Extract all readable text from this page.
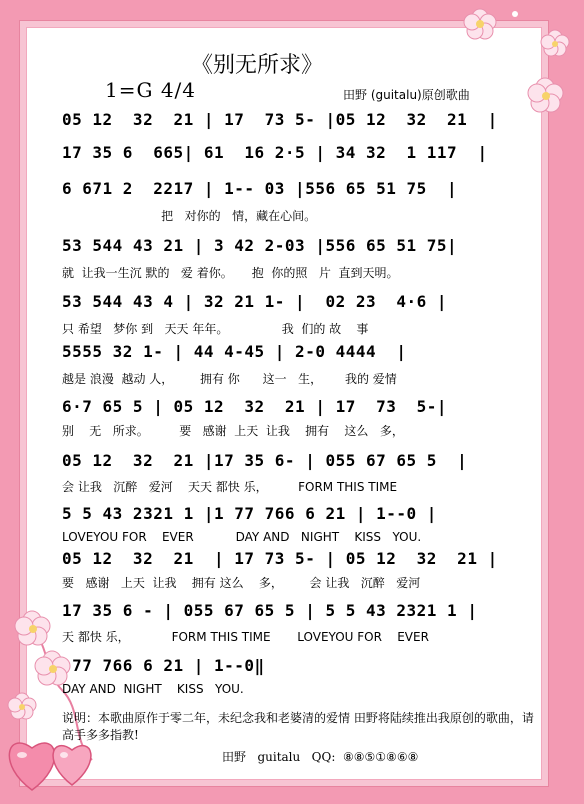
《别无所求》
1=G 4/4	田野 (guitalu)原创歌曲
05 12  32  21 | 17  73 5- |05 12  32  21  |
17 35 6  665| 61  16 2·5 | 34 32  1 117  |
6 671 2  2217 | 1-- 03 |556 65 51 75  |
把   对你的   情，藏在心间。
53 544 43 21 | 3 42 2-03 |556 65 51 75|
就  让我一生沉 默的   爱 着你。     抱  你的照   片  直到天明。
53 544 43 4 | 32 21 1- |  02 23  4·6 |
只 希望   梦你 到   天天 年年。              我  们的 故    事
5555 32 1- | 44 4-45 | 2-0 4444  |
越是 浪漫  越动 人，       拥有 你      这一   生，      我的 爱情
6·7 65 5 | 05 12  32  21 | 17  73  5-|
别    无   所求。        要   感谢  上天  让我    拥有    这么   多，
05 12  32  21 |17 35 6- | 055 67 65 5  |
会 让我   沉醉   爱河    天天 都快 乐，        FORM THIS TIME
5 5 43 2321 1 |1 77 766 6 21 | 1--0 |
LOVEYOU FOR    EVER           DAY AND   NIGHT    KISS   YOU.
05 12  32  21  | 17 73 5- | 05 12  32  21 |
要   感谢   上天  让我    拥有 这么    多，       会 让我   沉醉   爱河
17 35 6 - | 055 67 65 5 | 5 5 43 2321 1 |
天 都快 乐，           FORM THIS TIME       LOVEYOU FOR    EVER
77 766 6 21 | 1--0‖
DAY AND  NIGHT    KISS   YOU.
说明：本歌曲原作于零二年，未纪念我和老婆清的爱情 田野将陆续推出我原创的歌曲，请高手多多指教!
田野   guitalu   QQ:  ⑧⑧⑤①⑧⑥⑧
